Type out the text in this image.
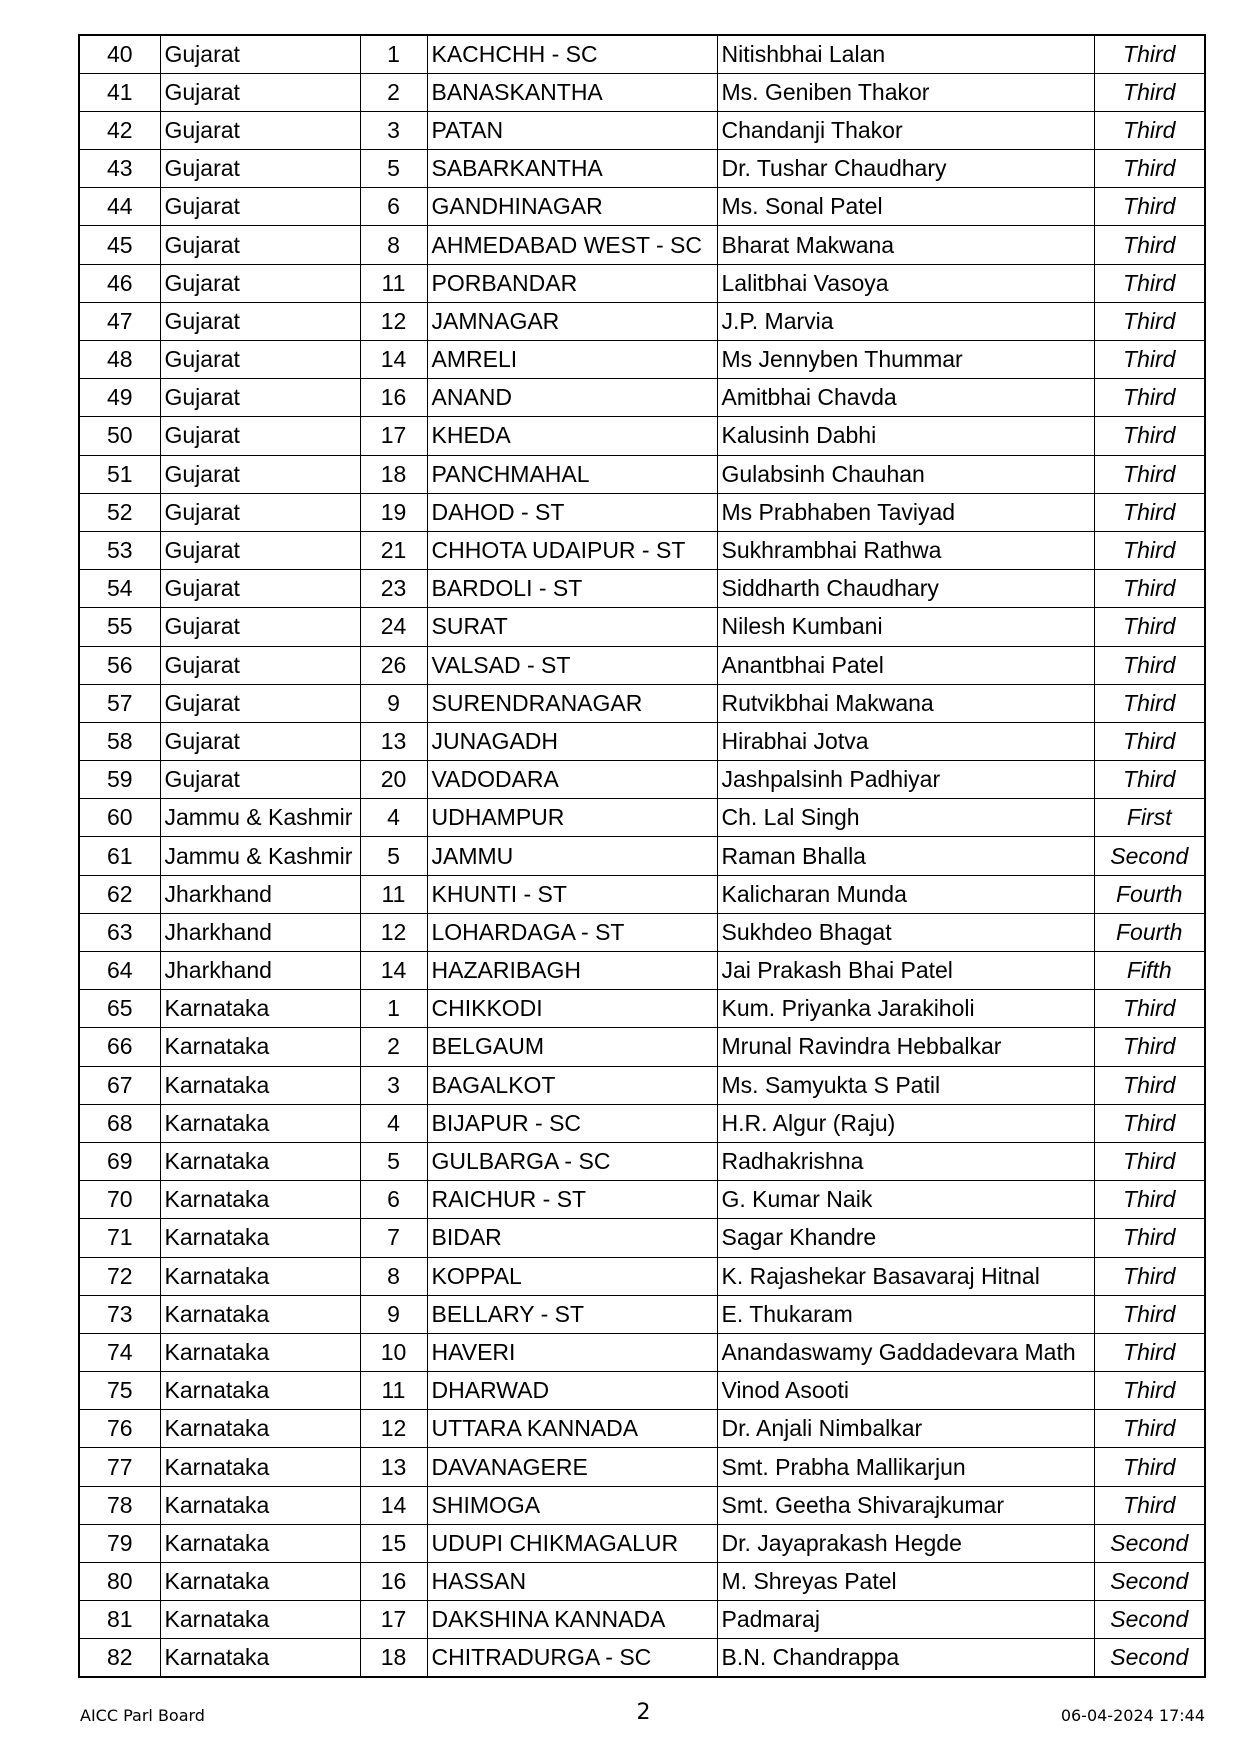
40	Gujarat	1	KACHCHH - SC	Nitishbhai Lalan	Third
41	Gujarat	2	BANASKANTHA	Ms. Geniben Thakor	Third
42	Gujarat	3	PATAN	Chandanji Thakor	Third
43	Gujarat	5	SABARKANTHA	Dr. Tushar Chaudhary	Third
44	Gujarat	6	GANDHINAGAR	Ms. Sonal Patel	Third
45	Gujarat	8	AHMEDABAD WEST - SC	Bharat Makwana	Third
46	Gujarat	11	PORBANDAR	Lalitbhai Vasoya	Third
47	Gujarat	12	JAMNAGAR	J.P. Marvia	Third
48	Gujarat	14	AMRELI	Ms Jennyben Thummar	Third
49	Gujarat	16	ANAND	Amitbhai Chavda	Third
50	Gujarat	17	KHEDA	Kalusinh Dabhi	Third
51	Gujarat	18	PANCHMAHAL	Gulabsinh Chauhan	Third
52	Gujarat	19	DAHOD - ST	Ms Prabhaben Taviyad	Third
53	Gujarat	21	CHHOTA UDAIPUR - ST	Sukhrambhai Rathwa	Third
54	Gujarat	23	BARDOLI - ST	Siddharth Chaudhary	Third
55	Gujarat	24	SURAT	Nilesh Kumbani	Third
56	Gujarat	26	VALSAD - ST	Anantbhai Patel	Third
57	Gujarat	9	SURENDRANAGAR	Rutvikbhai Makwana	Third
58	Gujarat	13	JUNAGADH	Hirabhai Jotva	Third
59	Gujarat	20	VADODARA	Jashpalsinh Padhiyar	Third
60	Jammu & Kashmir	4	UDHAMPUR	Ch. Lal Singh	First
61	Jammu & Kashmir	5	JAMMU	Raman Bhalla	Second
62	Jharkhand	11	KHUNTI - ST	Kalicharan Munda	Fourth
63	Jharkhand	12	LOHARDAGA - ST	Sukhdeo Bhagat	Fourth
64	Jharkhand	14	HAZARIBAGH	Jai Prakash Bhai Patel	Fifth
65	Karnataka	1	CHIKKODI	Kum. Priyanka Jarakiholi	Third
66	Karnataka	2	BELGAUM	Mrunal Ravindra Hebbalkar	Third
67	Karnataka	3	BAGALKOT	Ms. Samyukta S Patil	Third
68	Karnataka	4	BIJAPUR - SC	H.R. Algur (Raju)	Third
69	Karnataka	5	GULBARGA - SC	Radhakrishna	Third
70	Karnataka	6	RAICHUR - ST	G. Kumar Naik	Third
71	Karnataka	7	BIDAR	Sagar Khandre	Third
72	Karnataka	8	KOPPAL	K. Rajashekar Basavaraj Hitnal	Third
73	Karnataka	9	BELLARY - ST	E. Thukaram	Third
74	Karnataka	10	HAVERI	Anandaswamy Gaddadevara Math	Third
75	Karnataka	11	DHARWAD	Vinod Asooti	Third
76	Karnataka	12	UTTARA KANNADA	Dr. Anjali Nimbalkar	Third
77	Karnataka	13	DAVANAGERE	Smt. Prabha Mallikarjun	Third
78	Karnataka	14	SHIMOGA	Smt. Geetha Shivarajkumar	Third
79	Karnataka	15	UDUPI CHIKMAGALUR	Dr. Jayaprakash Hegde	Second
80	Karnataka	16	HASSAN	M. Shreyas Patel	Second
81	Karnataka	17	DAKSHINA KANNADA	Padmaraj	Second
82	Karnataka	18	CHITRADURGA - SC	B.N. Chandrappa	Second
AICC Parl Board	2	06-04-2024 17:44
